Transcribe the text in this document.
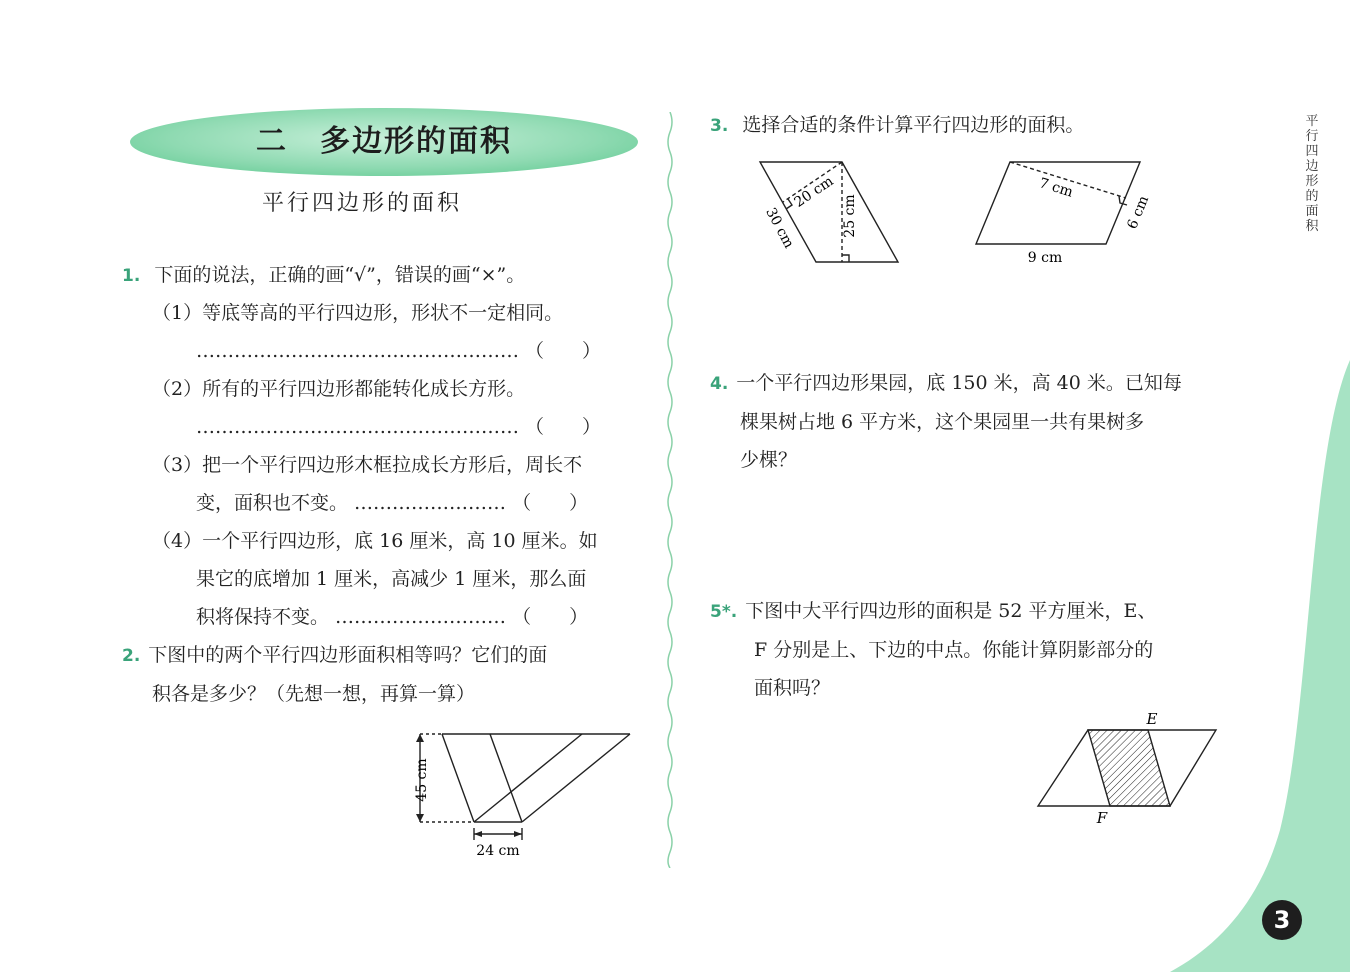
二　多边形的面积
平行四边形的面积
1. 下面的说法，正确的画“√”，错误的画“×”。
（1）等底等高的平行四边形，形状不一定相同。
…………………………………………… （　　）
（2）所有的平行四边形都能转化成长方形。
…………………………………………… （　　）
（3）把一个平行四边形木框拉成长方形后，周长不
变，面积也不变。 …………………… （　　）
（4）一个平行四边形，底 16 厘米，高 10 厘米。如
果它的底增加 1 厘米，高减少 1 厘米，那么面
积将保持不变。 ……………………… （　　）
2. 下图中的两个平行四边形面积相等吗？它们的面
积各是多少？（先想一想，再算一算）
45 cm
24 cm
3. 选择合适的条件计算平行四边形的面积。
20 cm
30 cm	25 cm
7 cm
6 cm
9 cm
4. 一个平行四边形果园，底 150 米，高 40 米。已知每
棵果树占地 6 平方米，这个果园里一共有果树多
少棵？
5*. 下图中大平行四边形的面积是 52 平方厘米，E、
F 分别是上、下边的中点。你能计算阴影部分的
面积吗？
E
F
平行四边形的面积
3
